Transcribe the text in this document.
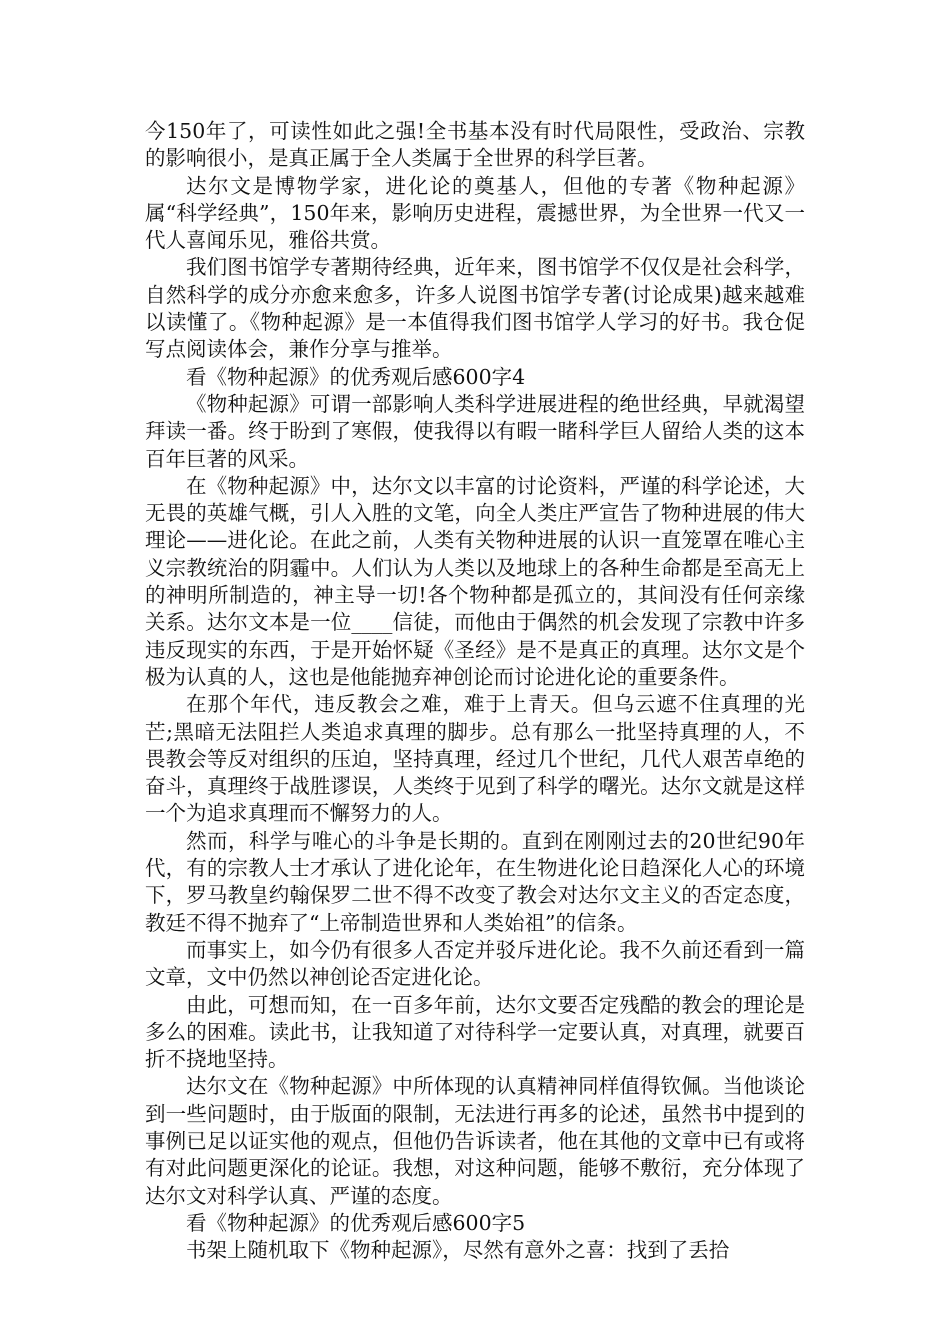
今150年了，可读性如此之强!全书基本没有时代局限性，受政治、宗教的影响很小，是真正属于全人类属于全世界的科学巨著。

达尔文是博物学家，进化论的奠基人，但他的专著《物种起源》属“科学经典”，150年来，影响历史进程，震撼世界，为全世界一代又一代人喜闻乐见，雅俗共赏。

我们图书馆学专著期待经典，近年来，图书馆学不仅仅是社会科学，自然科学的成分亦愈来愈多，许多人说图书馆学专著(讨论成果)越来越难以读懂了。《物种起源》是一本值得我们图书馆学人学习的好书。我仓促写点阅读体会，兼作分享与推举。

看《物种起源》的优秀观后感600字4

《物种起源》可谓一部影响人类科学进展进程的绝世经典，早就渴望拜读一番。终于盼到了寒假，使我得以有暇一睹科学巨人留给人类的这本百年巨著的风采。

在《物种起源》中，达尔文以丰富的讨论资料，严谨的科学论述，大无畏的英雄气概，引人入胜的文笔，向全人类庄严宣告了物种进展的伟大理论——进化论。在此之前，人类有关物种进展的认识一直笼罩在唯心主义宗教统治的阴霾中。人们认为人类以及地球上的各种生命都是至高无上的神明所制造的，神主导一切!各个物种都是孤立的，其间没有任何亲缘关系。达尔文本是一位____信徒，而他由于偶然的机会发现了宗教中许多违反现实的东西，于是开始怀疑《圣经》是不是真正的真理。达尔文是个极为认真的人，这也是他能抛弃神创论而讨论进化论的重要条件。

在那个年代，违反教会之难，难于上青天。但乌云遮不住真理的光芒;黑暗无法阻拦人类追求真理的脚步。总有那么一批坚持真理的人，不畏教会等反对组织的压迫，坚持真理，经过几个世纪，几代人艰苦卓绝的奋斗，真理终于战胜谬误，人类终于见到了科学的曙光。达尔文就是这样一个为追求真理而不懈努力的人。

然而，科学与唯心的斗争是长期的。直到在刚刚过去的20世纪90年代，有的宗教人士才承认了进化论年，在生物进化论日趋深化人心的环境下，罗马教皇约翰保罗二世不得不改变了教会对达尔文主义的否定态度，教廷不得不抛弃了“上帝制造世界和人类始祖”的信条。

而事实上，如今仍有很多人否定并驳斥进化论。我不久前还看到一篇文章，文中仍然以神创论否定进化论。

由此，可想而知，在一百多年前，达尔文要否定残酷的教会的理论是多么的困难。读此书，让我知道了对待科学一定要认真，对真理，就要百折不挠地坚持。

达尔文在《物种起源》中所体现的认真精神同样值得钦佩。当他谈论到一些问题时，由于版面的限制，无法进行再多的论述，虽然书中提到的事例已足以证实他的观点，但他仍告诉读者，他在其他的文章中已有或将有对此问题更深化的论证。我想，对这种问题，能够不敷衍，充分体现了达尔文对科学认真、严谨的态度。

看《物种起源》的优秀观后感600字5

书架上随机取下《物种起源》，尽然有意外之喜：找到了丢拾
